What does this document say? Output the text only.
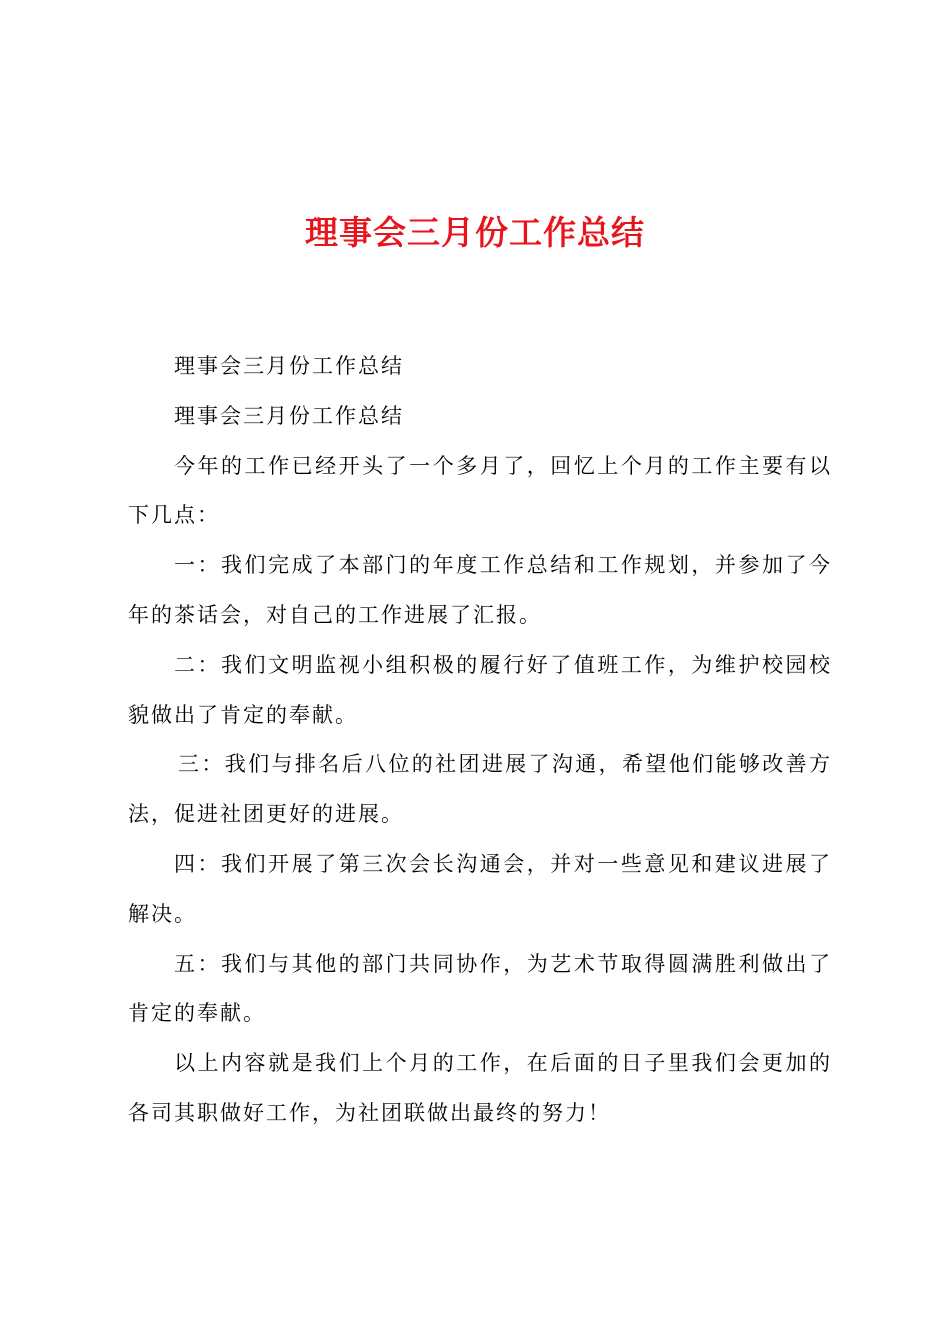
理事会三月份工作总结

理事会三月份工作总结

理事会三月份工作总结

今年的工作已经开头了一个多月了，回忆上个月的工作主要有以下几点：

一：我们完成了本部门的年度工作总结和工作规划，并参加了今年的茶话会，对自己的工作进展了汇报。

二：我们文明监视小组积极的履行好了值班工作，为维护校园校貌做出了肯定的奉献。

三：我们与排名后八位的社团进展了沟通，希望他们能够改善方法，促进社团更好的进展。

四：我们开展了第三次会长沟通会，并对一些意见和建议进展了解决。

五：我们与其他的部门共同协作，为艺术节取得圆满胜利做出了肯定的奉献。

以上内容就是我们上个月的工作，在后面的日子里我们会更加的各司其职做好工作，为社团联做出最终的努力！
